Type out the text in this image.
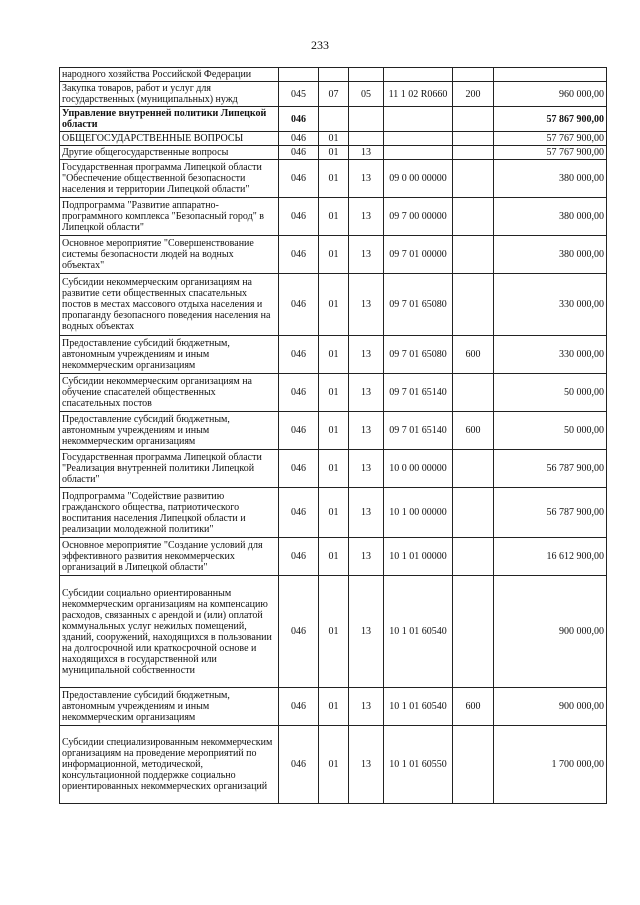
233
народного хозяйства Российской Федерации						
Закупка товаров, работ и услуг для государственных (муниципальных) нужд	045	07	05	11 1 02 R0660	200	960 000,00
Управление внутренней политики Липецкой области	046					57 867 900,00
ОБЩЕГОСУДАРСТВЕННЫЕ ВОПРОСЫ	046	01				57 767 900,00
Другие общегосударственные вопросы	046	01	13			57 767 900,00
Государственная программа Липецкой области "Обеспечение общественной безопасности населения и территории Липецкой области"	046	01	13	09 0 00 00000		380 000,00
Подпрограмма "Развитие аппаратно-программного комплекса "Безопасный город" в Липецкой области"	046	01	13	09 7 00 00000		380 000,00
Основное мероприятие "Совершенствование системы безопасности людей на водных объектах"	046	01	13	09 7 01 00000		380 000,00
Субсидии некоммерческим организациям на развитие сети общественных спасательных постов в местах массового отдыха населения и пропаганду безопасного поведения населения на водных объектах	046	01	13	09 7 01 65080		330 000,00
Предоставление субсидий бюджетным, автономным учреждениям и иным некоммерческим организациям	046	01	13	09 7 01 65080	600	330 000,00
Субсидии некоммерческим организациям на обучение спасателей общественных спасательных постов	046	01	13	09 7 01 65140		50 000,00
Предоставление субсидий бюджетным, автономным учреждениям и иным некоммерческим организациям	046	01	13	09 7 01 65140	600	50 000,00
Государственная программа Липецкой области "Реализация внутренней политики Липецкой области"	046	01	13	10 0 00 00000		56 787 900,00
Подпрограмма "Содействие развитию гражданского общества, патриотического воспитания населения Липецкой области и реализации молодежной политики"	046	01	13	10 1 00 00000		56 787 900,00
Основное мероприятие "Создание условий для эффективного развития некоммерческих организаций в Липецкой области"	046	01	13	10 1 01 00000		16 612 900,00
Субсидии социально ориентированным некоммерческим организациям на компенсацию расходов, связанных с арендой и (или) оплатой коммунальных услуг нежилых помещений, зданий, сооружений, находящихся в пользовании на долгосрочной или краткосрочной основе и находящихся в государственной или муниципальной собственности	046	01	13	10 1 01 60540		900 000,00
Предоставление субсидий бюджетным, автономным учреждениям и иным некоммерческим организациям	046	01	13	10 1 01 60540	600	900 000,00
Субсидии специализированным некоммерческим организациям на проведение мероприятий по информационной, методической, консультационной поддержке социально ориентированных некоммерческих организаций	046	01	13	10 1 01 60550		1 700 000,00
